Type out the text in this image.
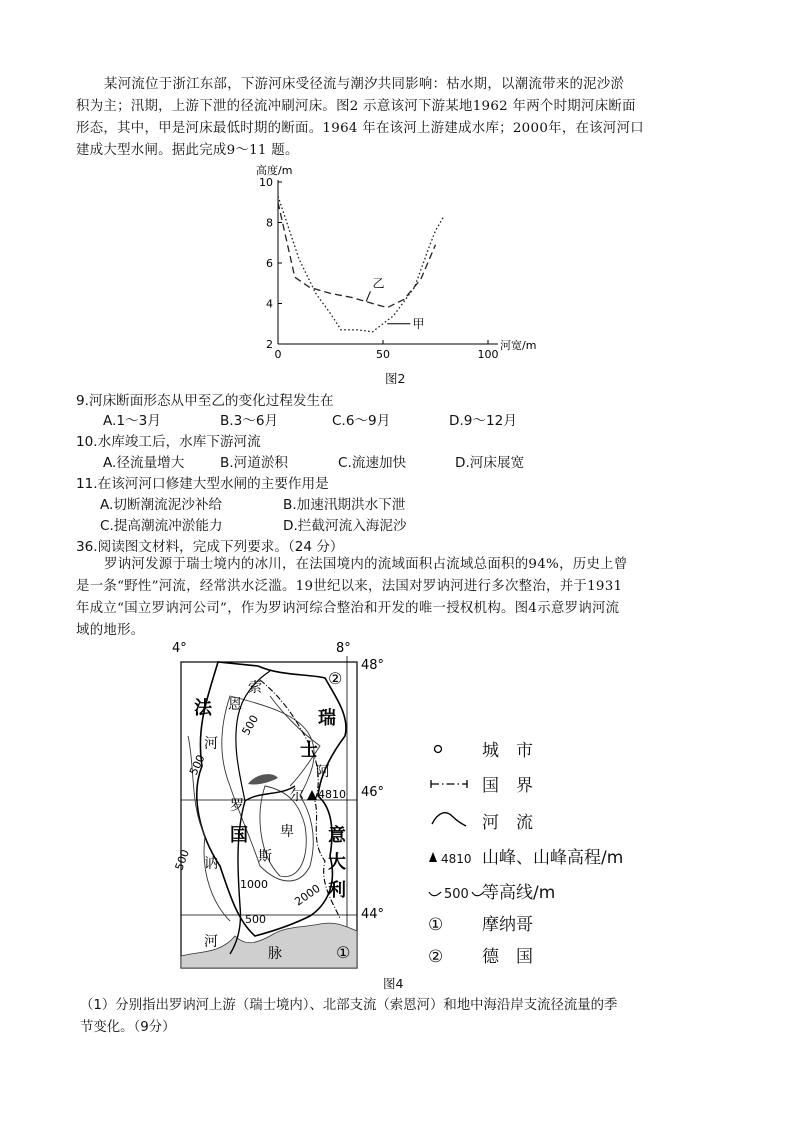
某河流位于浙江东部，下游河床受径流与潮汐共同影响：枯水期，以潮流带来的泥沙淤
积为主；汛期，上游下泄的径流冲刷河床。图2 示意该河下游某地1962 年两个时期河床断面
形态，其中，甲是河床最低时期的断面。1964 年在该河上游建成水库；2000年，在该河河口
建成大型水闸。据此完成9～11 题。
2
4
6
8
10
0	50	100
高度/m
河宽/m
乙
甲
图2
9.河床断面形态从甲至乙的变化过程发生在
A.1～3月	B.3～6月	C.6～9月	D.9～12月
10.水库竣工后，水库下游河流
A.径流量增大	B.河道淤积	C.流速加快	D.河床展宽
11.在该河河口修建大型水闸的主要作用是
A.切断潮流泥沙补给	B.加速汛期洪水下泄
C.提高潮流冲淤能力	D.拦截河流入海泥沙
36.阅读图文材料，完成下列要求。（24 分）
罗讷河发源于瑞士境内的冰川，在法国境内的流域面积占流域总面积的94%，历史上曾
是一条“野性”河流，经常洪水泛滥。19世纪以来，法国对罗讷河进行多次整治，并于1931
年成立“国立罗讷河公司”，作为罗讷河综合整治和开发的唯一授权机构。图4示意罗讷河流
域的地形。
4°	8°
48°
46°
44°
4810
500
500
500
1000 2000
500
法
国
恩
索
河
瑞
士
阿
罗
讷
河
尔
卑
斯
意
大
利
脉
②
①
城　市
国　界
河　流
4810 山峰、山峰高程/m
500 等高线/m
① 摩纳哥
② 德　国
图4
（1）分别指出罗讷河上游（瑞士境内）、北部支流（索恩河）和地中海沿岸支流径流量的季
节变化。（9分）
